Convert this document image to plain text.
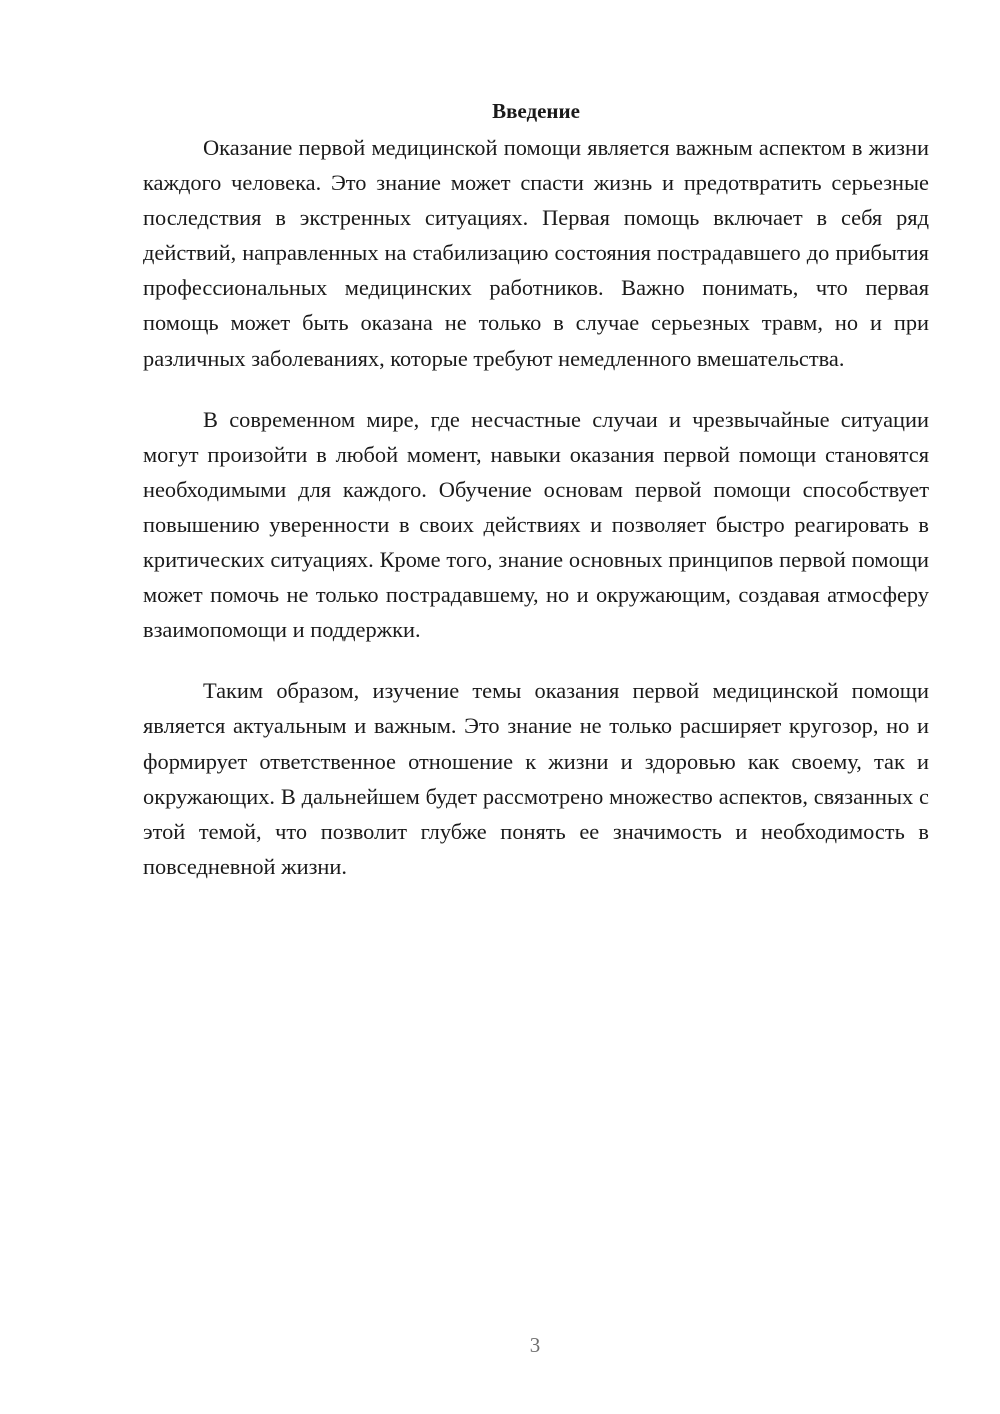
Введение

Оказание первой медицинской помощи является важным аспектом в жизни каждого человека. Это знание может спасти жизнь и предотвратить серьезные последствия в экстренных ситуациях. Первая помощь включает в себя ряд действий, направленных на стабилизацию состояния пострадавшего до прибытия профессиональных медицинских работников. Важно понимать, что первая помощь может быть оказана не только в случае серьезных травм, но и при различных заболеваниях, которые требуют немедленного вмешательства.

В современном мире, где несчастные случаи и чрезвычайные ситуации могут произойти в любой момент, навыки оказания первой помощи становятся необходимыми для каждого. Обучение основам первой помощи способствует повышению уверенности в своих действиях и позволяет быстро реагировать в критических ситуациях. Кроме того, знание основных принципов первой помощи может помочь не только пострадавшему, но и окружающим, создавая атмосферу взаимопомощи и поддержки.

Таким образом, изучение темы оказания первой медицинской помощи является актуальным и важным. Это знание не только расширяет кругозор, но и формирует ответственное отношение к жизни и здоровью как своему, так и окружающих. В дальнейшем будет рассмотрено множество аспектов, связанных с этой темой, что позволит глубже понять ее значимость и необходимость в повседневной жизни.

3
